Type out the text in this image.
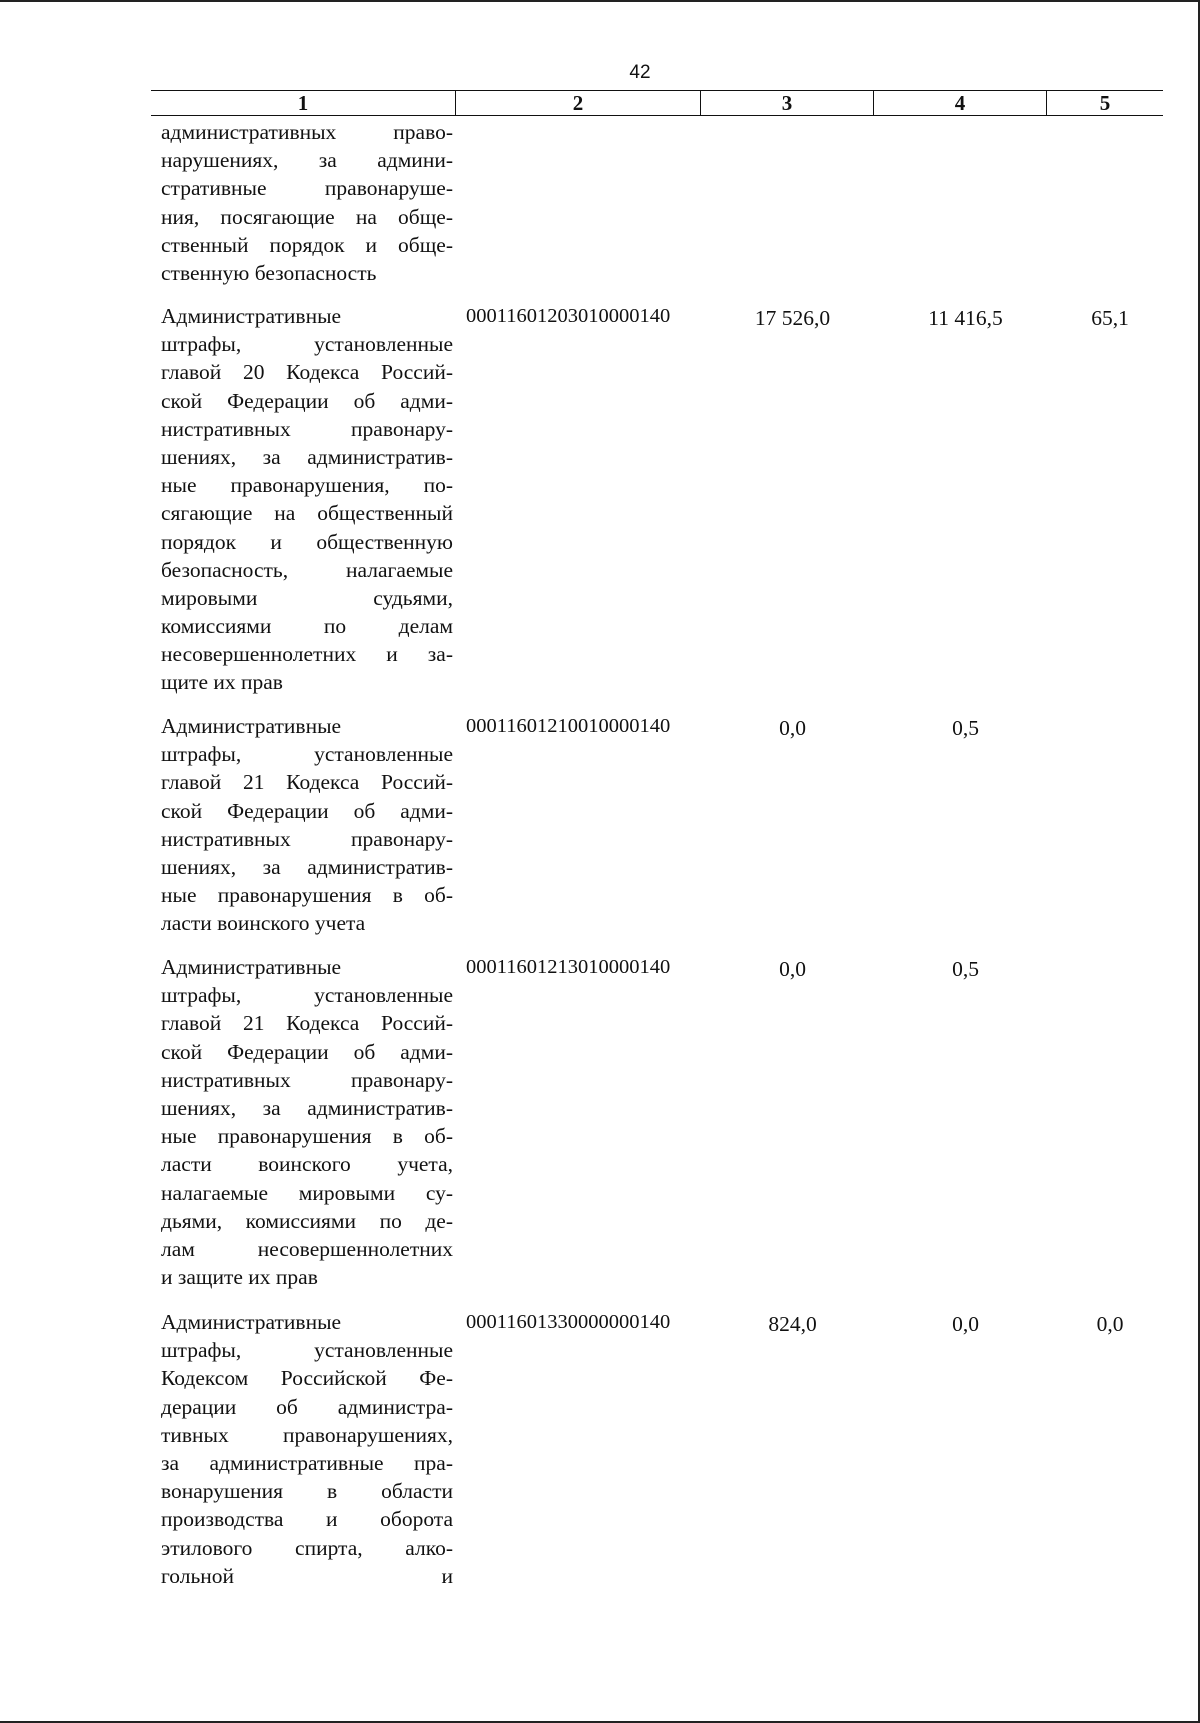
42
1	2	3	4	5
административных право-
нарушениях, за админи-
стративные правонаруше-
ния, посягающие на обще-
ственный порядок и обще-
ственную безопасность
Административные
штрафы, установленные
главой 20 Кодекса Россий-
ской Федерации об адми-
нистративных правонару-
шениях, за административ-
ные правонарушения, по-
сягающие на общественный
порядок и общественную
безопасность, налагаемые
мировыми судьями,
комиссиями по делам
несовершеннолетних и за-
щите их прав
00011601203010000140	17 526,0	11 416,5	65,1
Административные
штрафы, установленные
главой 21 Кодекса Россий-
ской Федерации об адми-
нистративных правонару-
шениях, за административ-
ные правонарушения в об-
ласти воинского учета
00011601210010000140	0,0	0,5
Административные
штрафы, установленные
главой 21 Кодекса Россий-
ской Федерации об адми-
нистративных правонару-
шениях, за административ-
ные правонарушения в об-
ласти воинского учета,
налагаемые мировыми су-
дьями, комиссиями по де-
лам несовершеннолетних
и защите их прав
00011601213010000140	0,0	0,5
Административные
штрафы, установленные
Кодексом Российской Фе-
дерации об администра-
тивных правонарушениях,
за административные пра-
вонарушения в области
производства и оборота
этилового спирта, алко-
гольной и
00011601330000000140	824,0	0,0	0,0
